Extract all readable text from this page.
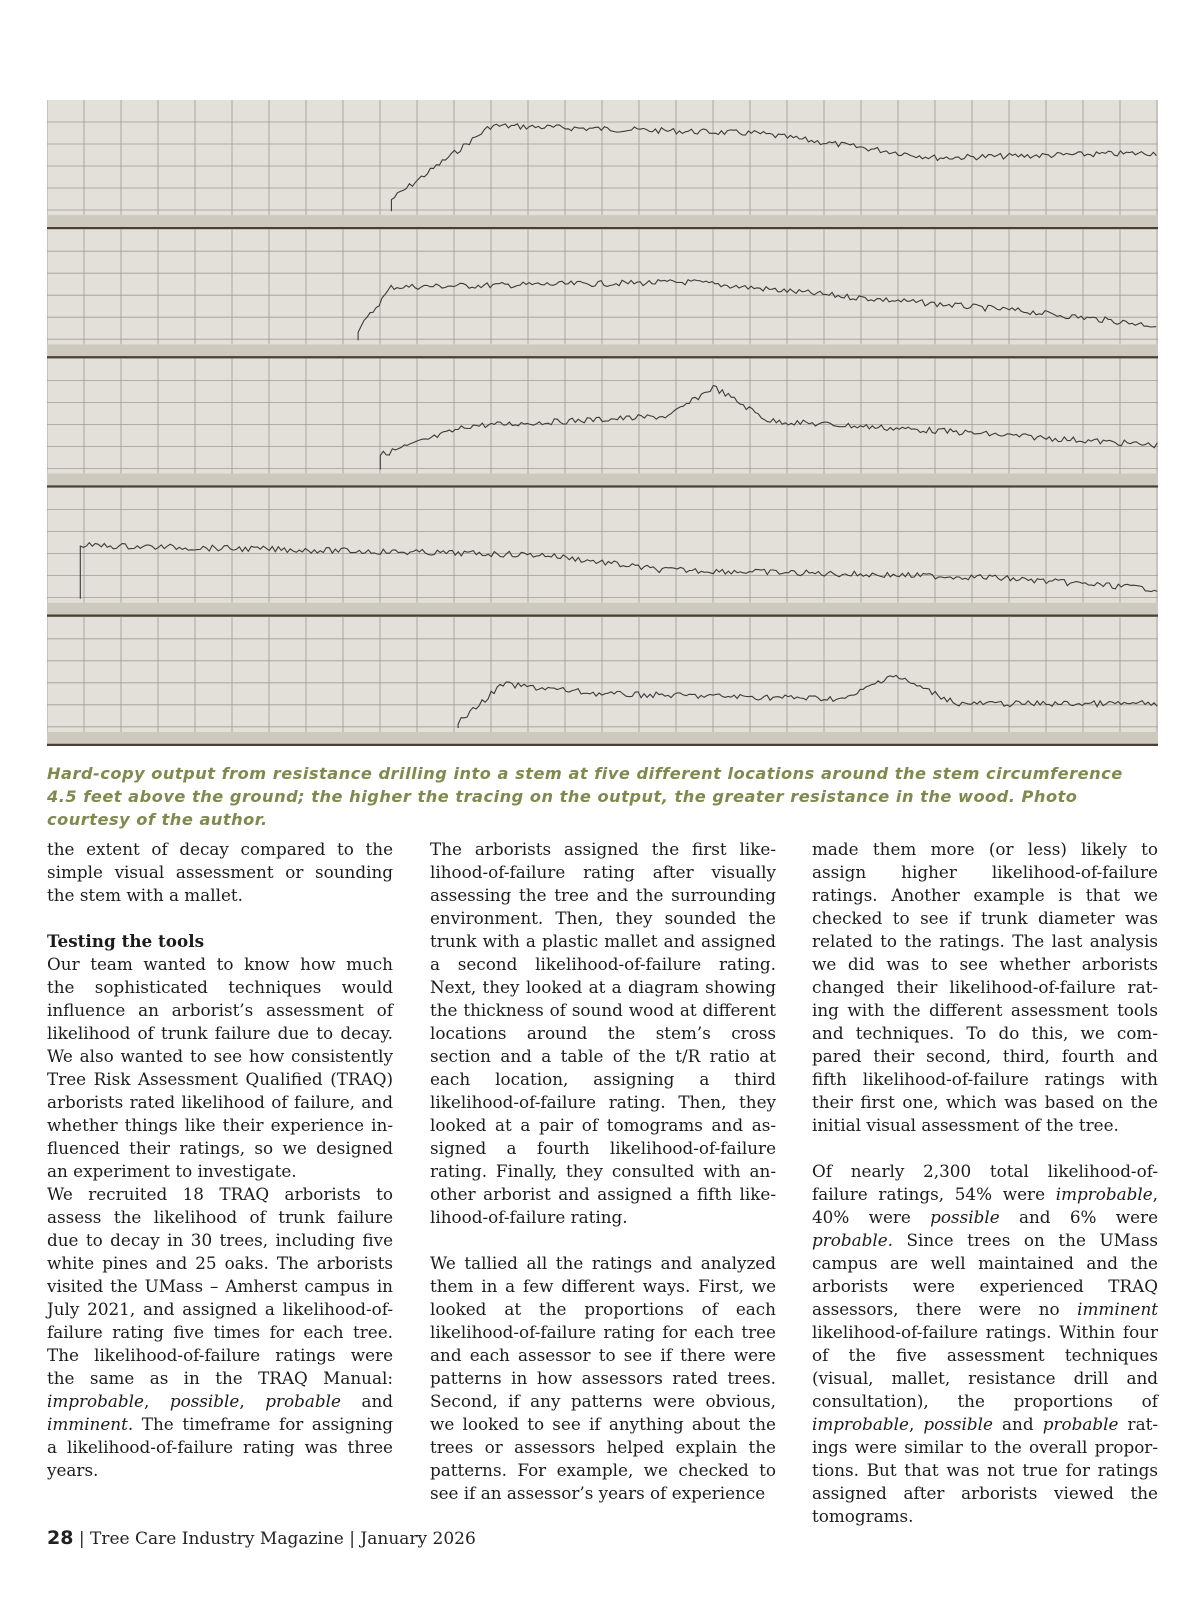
Hard-copy output from resistance drilling into a stem at five different locations around the stem circumference 4.5 feet above the ground; the higher the tracing on the output, the greater resistance in the wood. Photo courtesy of the author.

the extent of decay compared to the simple visual assessment or sounding the stem with a mallet.

Testing the tools

Our team wanted to know how much the sophisticated techniques would influence an arborist’s assessment of likelihood of trunk failure due to decay. We also wanted to see how consistently Tree Risk Assessment Qualified (TRAQ) arborists rated likelihood of failure, and whether things like their experience influenced their ratings, so we designed an experiment to investigate.

We recruited 18 TRAQ arborists to assess the likelihood of trunk failure due to decay in 30 trees, including five white pines and 25 oaks. The arborists visited the UMass – Amherst campus in July 2021, and assigned a likelihood-of-failure rating five times for each tree. The likelihood-of-failure ratings were the same as in the TRAQ Manual: improbable, possible, probable and imminent. The timeframe for assigning a likelihood-of-failure rating was three years.

The arborists assigned the first likelihood-of-failure rating after visually assessing the tree and the surrounding environment. Then, they sounded the trunk with a plastic mallet and assigned a second likelihood-of-failure rating. Next, they looked at a diagram showing the thickness of sound wood at different locations around the stem’s cross section and a table of the t/R ratio at each location, assigning a third likelihood-of-failure rating. Then, they looked at a pair of tomograms and assigned a fourth likelihood-of-failure rating. Finally, they consulted with another arborist and assigned a fifth likelihood-of-failure rating.

We tallied all the ratings and analyzed them in a few different ways. First, we looked at the proportions of each likelihood-of-failure rating for each tree and each assessor to see if there were patterns in how assessors rated trees. Second, if any patterns were obvious, we looked to see if anything about the trees or assessors helped explain the patterns. For example, we checked to see if an assessor’s years of experience

made them more (or less) likely to assign higher likelihood-of-failure ratings. Another example is that we checked to see if trunk diameter was related to the ratings. The last analysis we did was to see whether arborists changed their likelihood-of-failure rating with the different assessment tools and techniques. To do this, we compared their second, third, fourth and fifth likelihood-of-failure ratings with their first one, which was based on the initial visual assessment of the tree.

Of nearly 2,300 total likelihood-of-failure ratings, 54% were improbable, 40% were possible and 6% were probable. Since trees on the UMass campus are well maintained and the arborists were experienced TRAQ assessors, there were no imminent likelihood-of-failure ratings. Within four of the five assessment techniques (visual, mallet, resistance drill and consultation), the proportions of improbable, possible and probable ratings were similar to the overall proportions. But that was not true for ratings assigned after arborists viewed the tomograms.

28 | Tree Care Industry Magazine | January 2026
